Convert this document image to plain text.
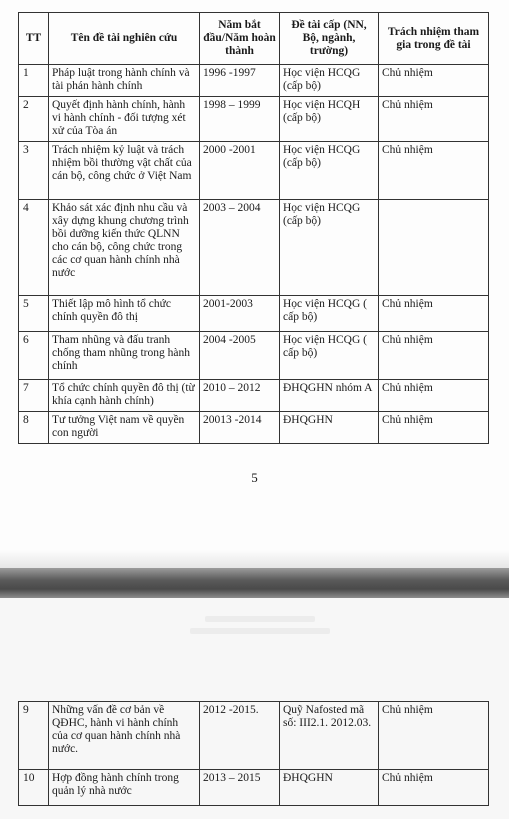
TT	Tên đề tài nghiên cứu	Năm bắt đầu/Năm hoàn thành	Đề tài cấp (NN, Bộ, ngành, trường)	Trách nhiệm tham gia trong đề tài
1	Pháp luật trong hành chính và tài phán hành chính	1996 -1997	Học viện HCQG (cấp bộ)	Chủ nhiệm
2	Quyết định hành chính, hành vi hành chính - đối tượng xét xử của Tòa án	1998 – 1999	Học viện HCQH (cấp bộ)	Chủ nhiệm
3	Trách nhiệm kỷ luật và trách nhiệm bồi thường vật chất của cán bộ, công chức ở Việt Nam	2000 -2001	Học viện HCQG (cấp bộ)	Chủ nhiệm
4	Khảo sát xác định nhu cầu và xây dựng khung chương trình bồi dưỡng kiến thức QLNN cho cán bộ, công chức trong các cơ quan hành chính nhà nước	2003 – 2004	Học viện HCQG (cấp bộ)	
5	Thiết lập mô hình tổ chức chính quyền đô thị	2001-2003	Học viện HCQG ( cấp bộ)	Chủ nhiệm
6	Tham nhũng và đấu tranh chống tham nhũng trong hành chính	2004 -2005	Học viện HCQG ( cấp bộ)	Chủ nhiệm
7	Tổ chức chính quyền đô thị (từ khía cạnh hành chính)	2010 – 2012	ĐHQGHN nhóm A	Chủ nhiệm
8	Tư tưởng Việt nam về quyền con người	20013 -2014	ĐHQGHN	Chủ nhiệm
5
9	Những vấn đề cơ bản về QĐHC, hành vi hành chính của cơ quan hành chính nhà nước.	2012 -2015.	Quỹ Nafosted mã số: III2.1. 2012.03.	Chủ nhiệm
10	Hợp đồng hành chính trong quản lý nhà nước	2013 – 2015	ĐHQGHN	Chủ nhiệm
